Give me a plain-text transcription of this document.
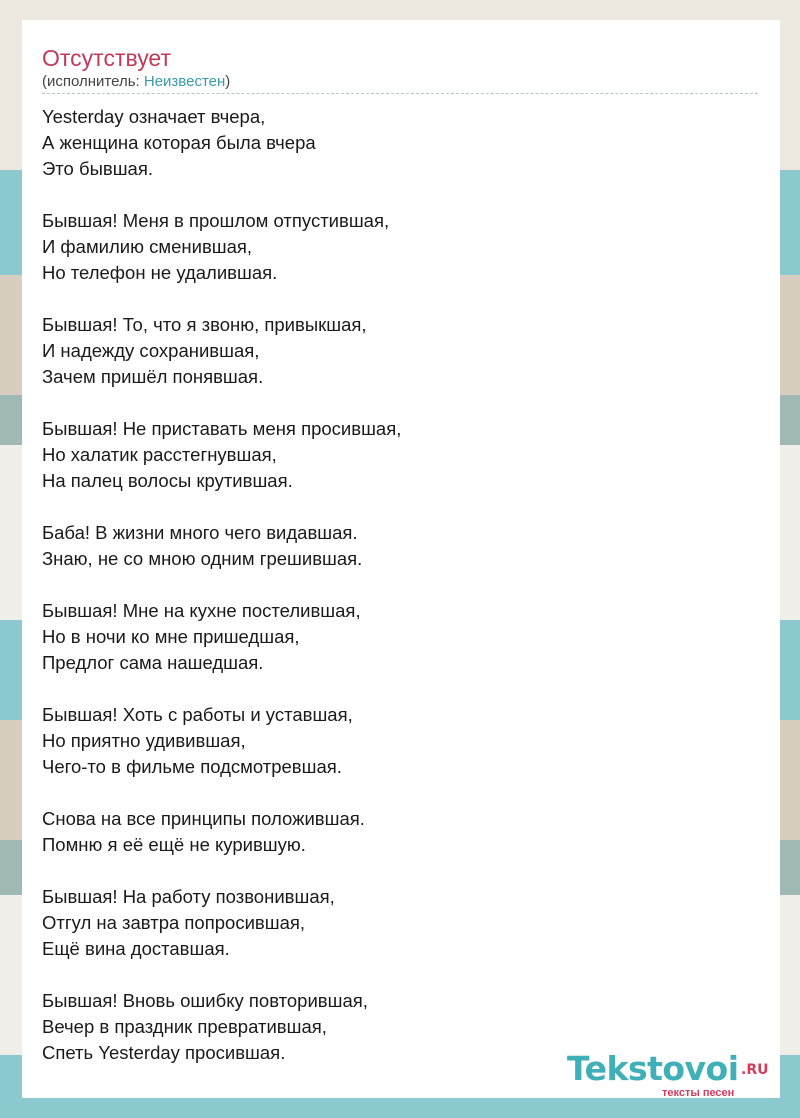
Отсутствует
(исполнитель: Неизвестен)
Yesterday означает вчера,
А женщина которая была вчера
Это бывшая.
Бывшая! Меня в прошлом отпустившая,
И фамилию сменившая,
Но телефон не удалившая.
Бывшая! То, что я звоню, привыкшая,
И надежду сохранившая,
Зачем пришёл понявшая.
Бывшая! Не приставать меня просившая,
Но халатик расстегнувшая,
На палец волосы крутившая.
Баба! В жизни много чего видавшая.
Знаю, не со мною одним грешившая.
Бывшая! Мне на кухне постелившая,
Но в ночи ко мне пришедшая,
Предлог сама нашедшая.
Бывшая! Хоть с работы и уставшая,
Но приятно удивившая,
Чего-то в фильме подсмотревшая.
Снова на все принципы положившая.
Помню я её ещё не курившую.
Бывшая! На работу позвонившая,
Отгул на завтра попросившая,
Ещё вина доставшая.
Бывшая! Вновь ошибку повторившая,
Вечер в праздник превратившая,
Спеть Yesterday просившая.	Tekstovoi .RU
тексты песен
